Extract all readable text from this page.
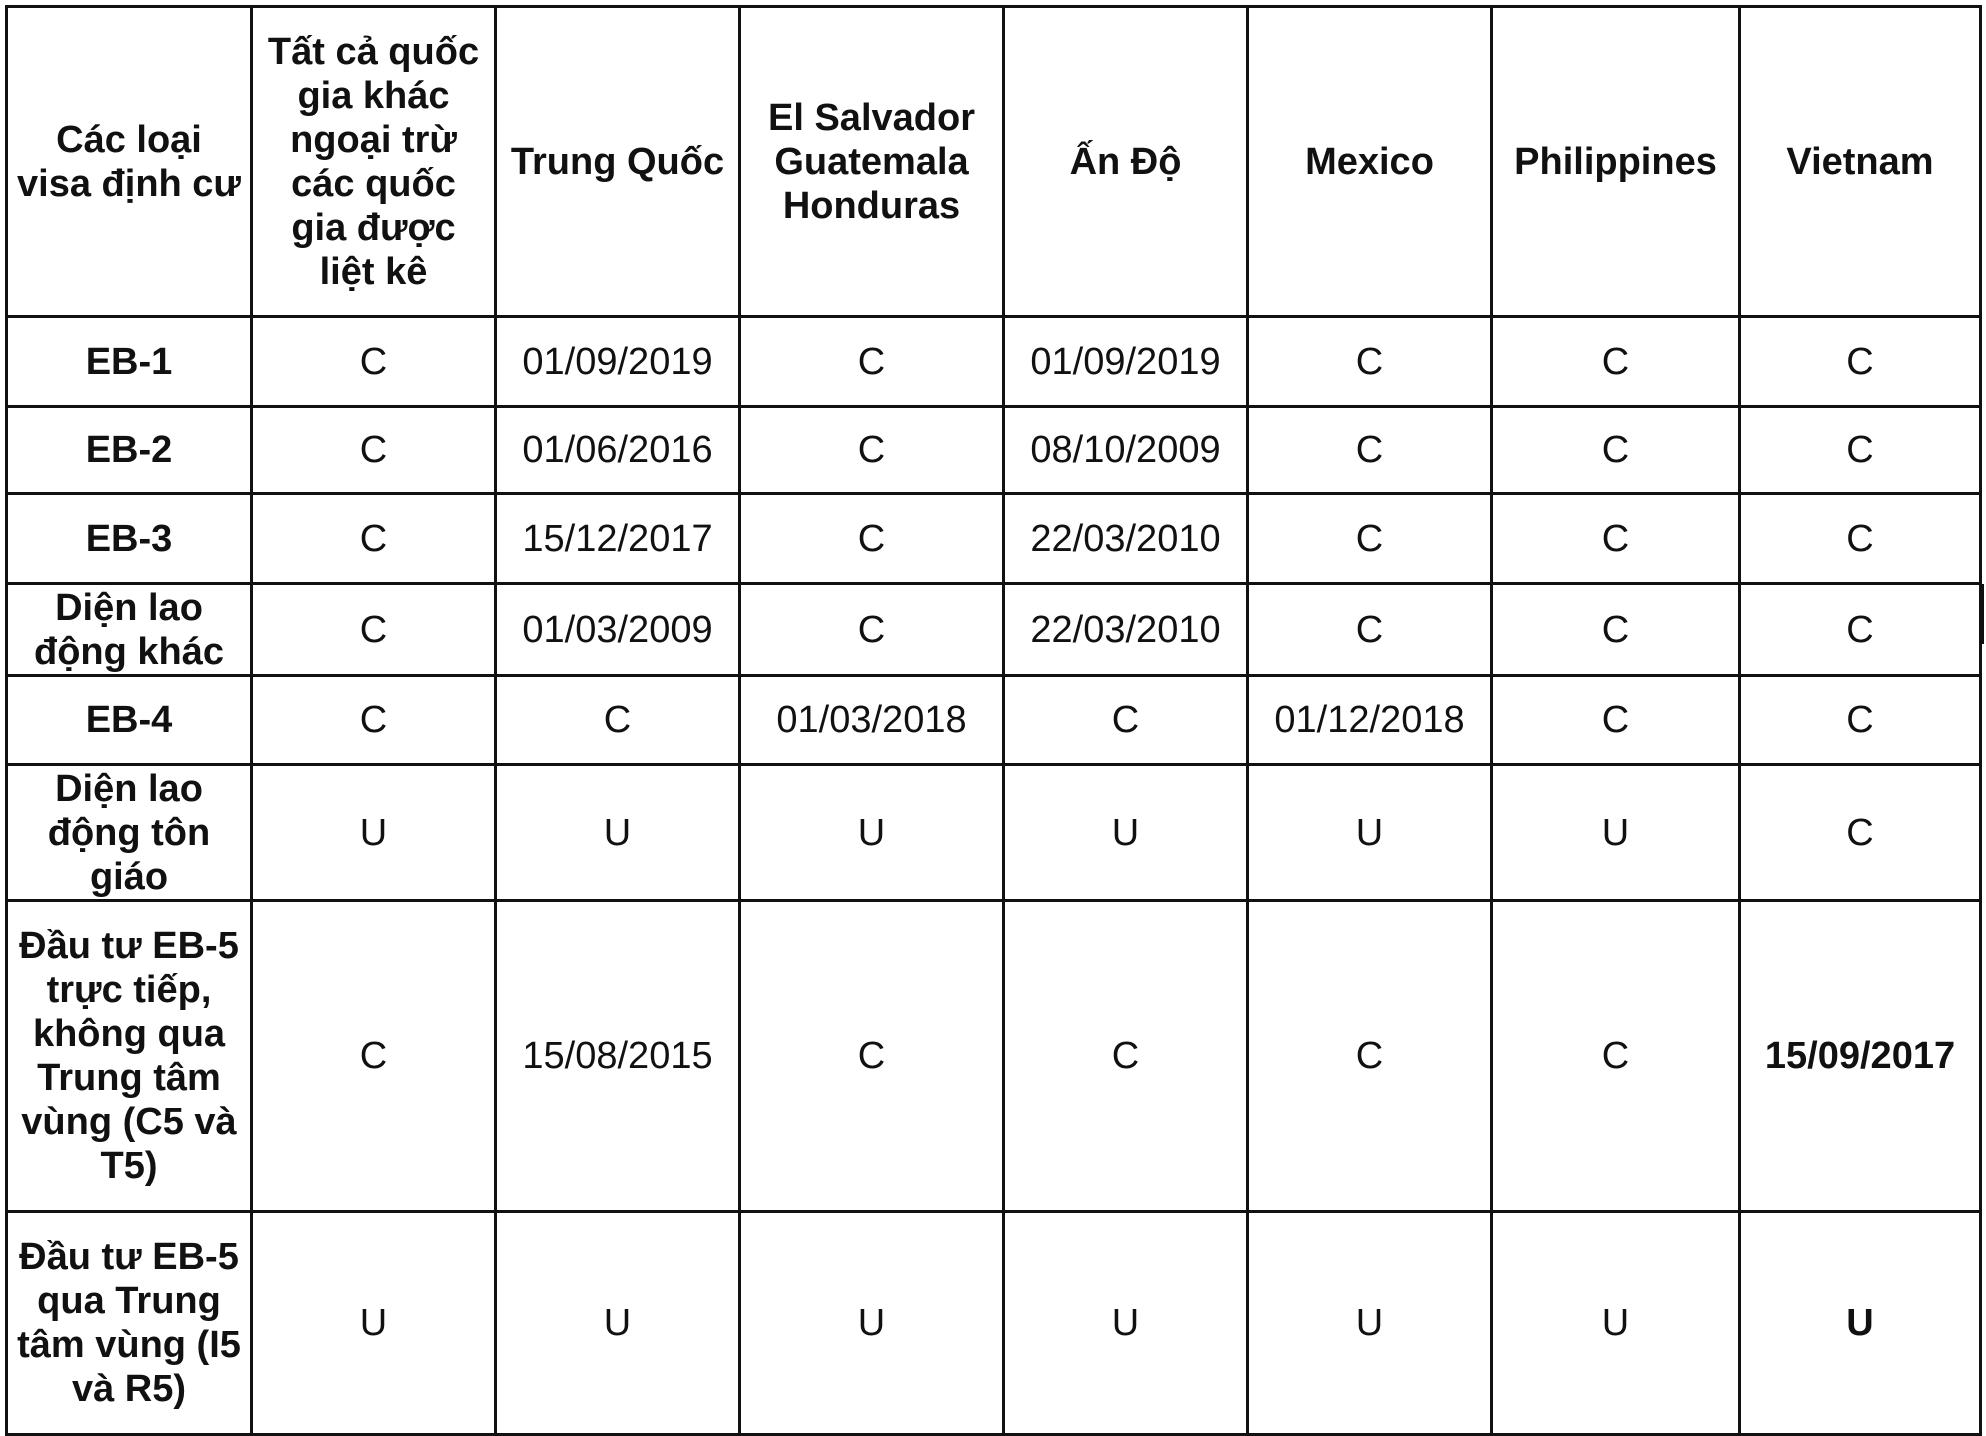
Các loại visa định cư	Tất cả quốc gia khác ngoại trừ các quốc gia được liệt kê	Trung Quốc	El Salvador Guatemala Honduras	Ấn Độ	Mexico	Philippines	Vietnam
EB-1	C	01/09/2019	C	01/09/2019	C	C	C
EB-2	C	01/06/2016	C	08/10/2009	C	C	C
EB-3	C	15/12/2017	C	22/03/2010	C	C	C
Diện lao động khác	C	01/03/2009	C	22/03/2010	C	C	C
EB-4	C	C	01/03/2018	C	01/12/2018	C	C
Diện lao động tôn giáo	U	U	U	U	U	U	C
Đầu tư EB-5 trực tiếp, không qua Trung tâm vùng (C5 và T5)	C	15/08/2015	C	C	C	C	15/09/2017
Đầu tư EB-5 qua Trung tâm vùng (I5 và R5)	U	U	U	U	U	U	U
